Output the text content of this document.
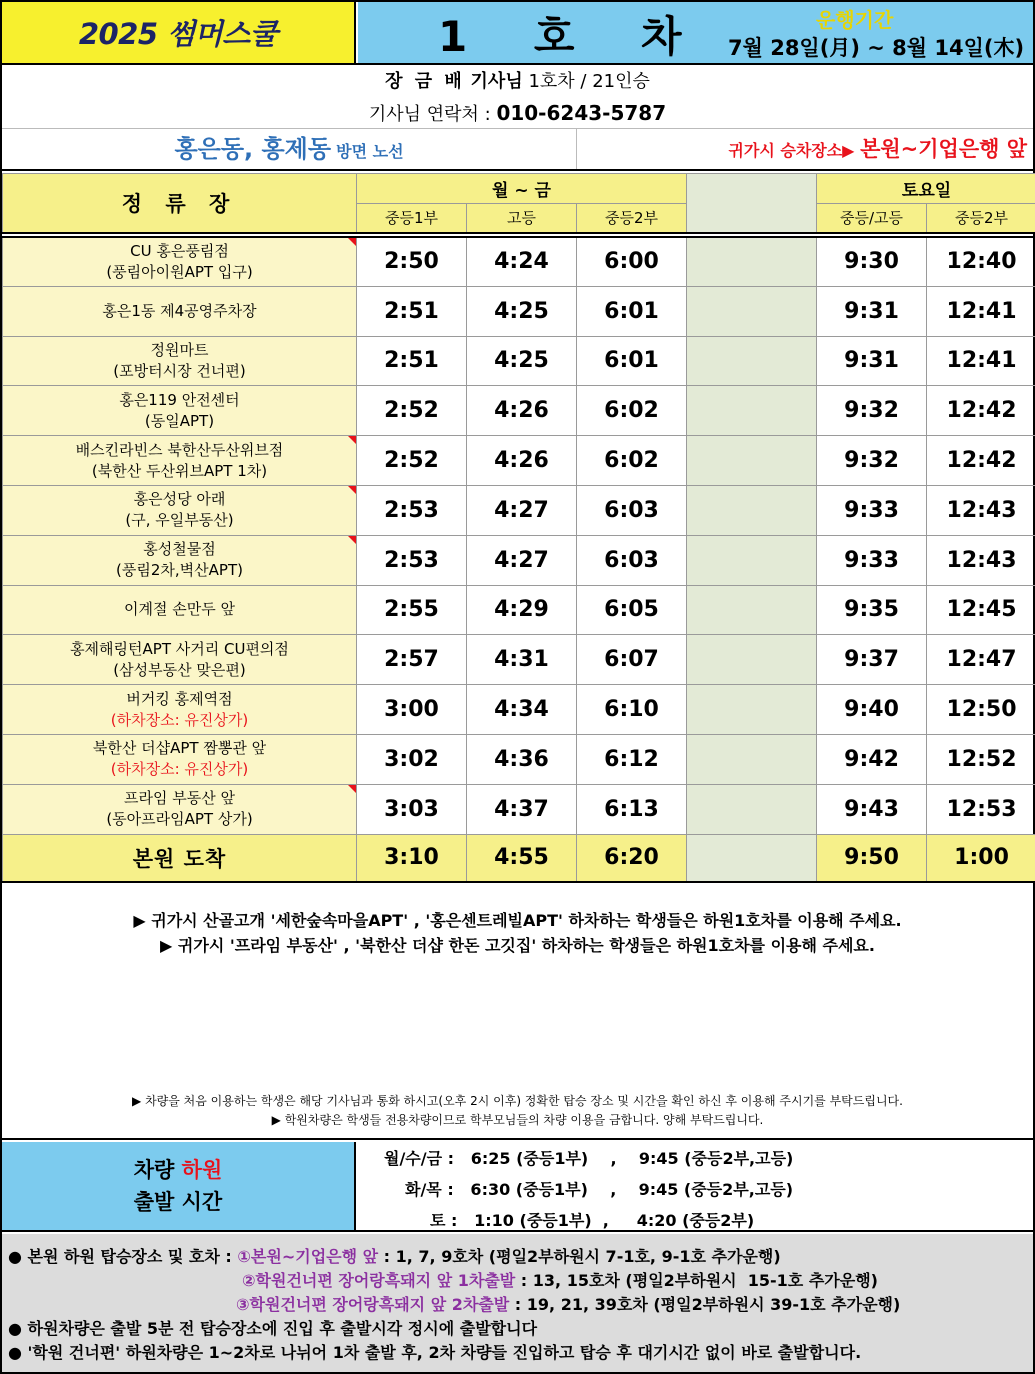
2025 썸머스쿨	1 호 차	운행기간
7월 28일(月) ~ 8월 14일(木)
장 금 배 기사님 1호차 / 21인승
기사님 연락처 : 010-6243-5787
홍은동, 홍제동 방면 노선	귀가시 승차장소▶ 본원~기업은행 앞
정 류 장	월 ~ 금				토요일	
	중등1부	고등	중등2부		중등/고등	중등2부

CU 홍은풍림점
(풍림아이원APT 입구)	2:50	4:24	6:00		9:30	12:40

홍은1동 제4공영주차장	2:51	4:25	6:01		9:31	12:41

정원마트
(포방터시장 건너편)	2:51	4:25	6:01		9:31	12:41

홍은119 안전센터
(동일APT)	2:52	4:26	6:02		9:32	12:42

배스킨라빈스 북한산두산위브점
(북한산 두산위브APT 1차)	2:52	4:26	6:02		9:32	12:42

홍은성당 아래
(구, 우일부동산)	2:53	4:27	6:03		9:33	12:43

홍성철물점
(풍림2차,벽산APT)	2:53	4:27	6:03		9:33	12:43

이계절 손만두 앞	2:55	4:29	6:05		9:35	12:45

홍제해링턴APT 사거리 CU편의점
(삼성부동산 맞은편)	2:57	4:31	6:07		9:37	12:47

버거킹 홍제역점
(하차장소: 유진상가)	3:00	4:34	6:10		9:40	12:50

북한산 더샵APT 짬뽕관 앞
(하차장소: 유진상가)	3:02	4:36	6:12		9:42	12:52

프라임 부동산 앞
(동아프라임APT 상가)	3:03	4:37	6:13		9:43	12:53
본원 도착	3:10	4:55	6:20		9:50	1:00
▶ 귀가시 산골고개 '세한숲속마을APT' , '홍은센트레빌APT' 하차하는 학생들은 하원1호차를 이용해 주세요.
▶ 귀가시 '프라임 부동산' , '북한산 더샵 한돈 고깃집' 하차하는 학생들은 하원1호차를 이용해 주세요.
▶ 차량을 처음 이용하는 학생은 해당 기사님과 통화 하시고(오후 2시 이후) 정확한 탑승 장소 및 시간을 확인 하신 후 이용해 주시기를 부탁드립니다.
▶ 학원차량은 학생들 전용차량이므로 학부모님들의 차량 이용을 금합니다. 양해 부탁드립니다.
차량 하원
출발 시간
월/수/금 :   6:25 (중등1부)    ,    9:45 (중등2부,고등)
화/목 :   6:30 (중등1부)    ,    9:45 (중등2부,고등)
토 :   1:10 (중등1부)  ,     4:20 (중등2부)
● 본원 하원 탑승장소 및 호차 : ①본원~기업은행 앞 : 1, 7, 9호차 (평일2부하원시 7-1호, 9-1호 추가운행)
②학원건너편 장어랑흑돼지 앞 1차출발 : 13, 15호차 (평일2부하원시  15-1호 추가운행)
③학원건너편 장어랑흑돼지 앞 2차출발 : 19, 21, 39호차 (평일2부하원시 39-1호 추가운행)
● 하원차량은 출발 5분 전 탑승장소에 진입 후 출발시각 정시에 출발합니다
● '학원 건너편' 하원차량은 1~2차로 나뉘어 1차 출발 후, 2차 차량들 진입하고 탑승 후 대기시간 없이 바로 출발합니다.
